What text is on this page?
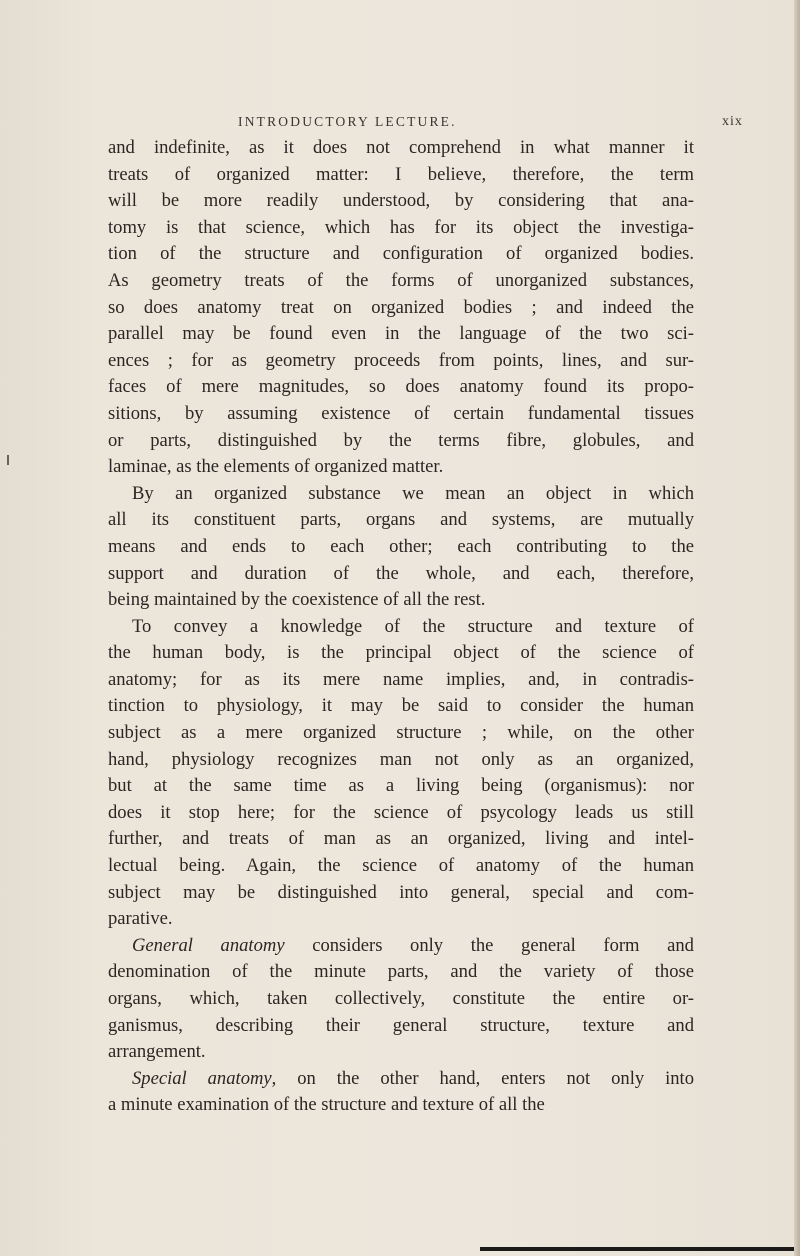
INTRODUCTORY LECTURE.	xix
and indefinite, as it does not comprehend in what manner it
treats of organized matter: I believe, therefore, the term
will be more readily understood, by considering that ana-
tomy is that science, which has for its object the investiga-
tion of the structure and configuration of organized bodies.
As geometry treats of the forms of unorganized substances,
so does anatomy treat on organized bodies ; and indeed the
parallel may be found even in the language of the two sci-
ences ; for as geometry proceeds from points, lines, and sur-
faces of mere magnitudes, so does anatomy found its propo-
sitions, by assuming existence of certain fundamental tissues
or parts, distinguished by the terms fibre, globules, and
laminae, as the elements of organized matter.
By an organized substance we mean an object in which
all its constituent parts, organs and systems, are mutually
means and ends to each other; each contributing to the
support and duration of the whole, and each, therefore,
being maintained by the coexistence of all the rest.
To convey a knowledge of the structure and texture of
the human body, is the principal object of the science of
anatomy; for as its mere name implies, and, in contradis-
tinction to physiology, it may be said to consider the human
subject as a mere organized structure ; while, on the other
hand, physiology recognizes man not only as an organized,
but at the same time as a living being (organismus): nor
does it stop here; for the science of psycology leads us still
further, and treats of man as an organized, living and intel-
lectual being. Again, the science of anatomy of the human
subject may be distinguished into general, special and com-
parative.
General anatomy considers only the general form and
denomination of the minute parts, and the variety of those
organs, which, taken collectively, constitute the entire or-
ganismus, describing their general structure, texture and
arrangement.
Special anatomy, on the other hand, enters not only into
a minute examination of the structure and texture of all the
